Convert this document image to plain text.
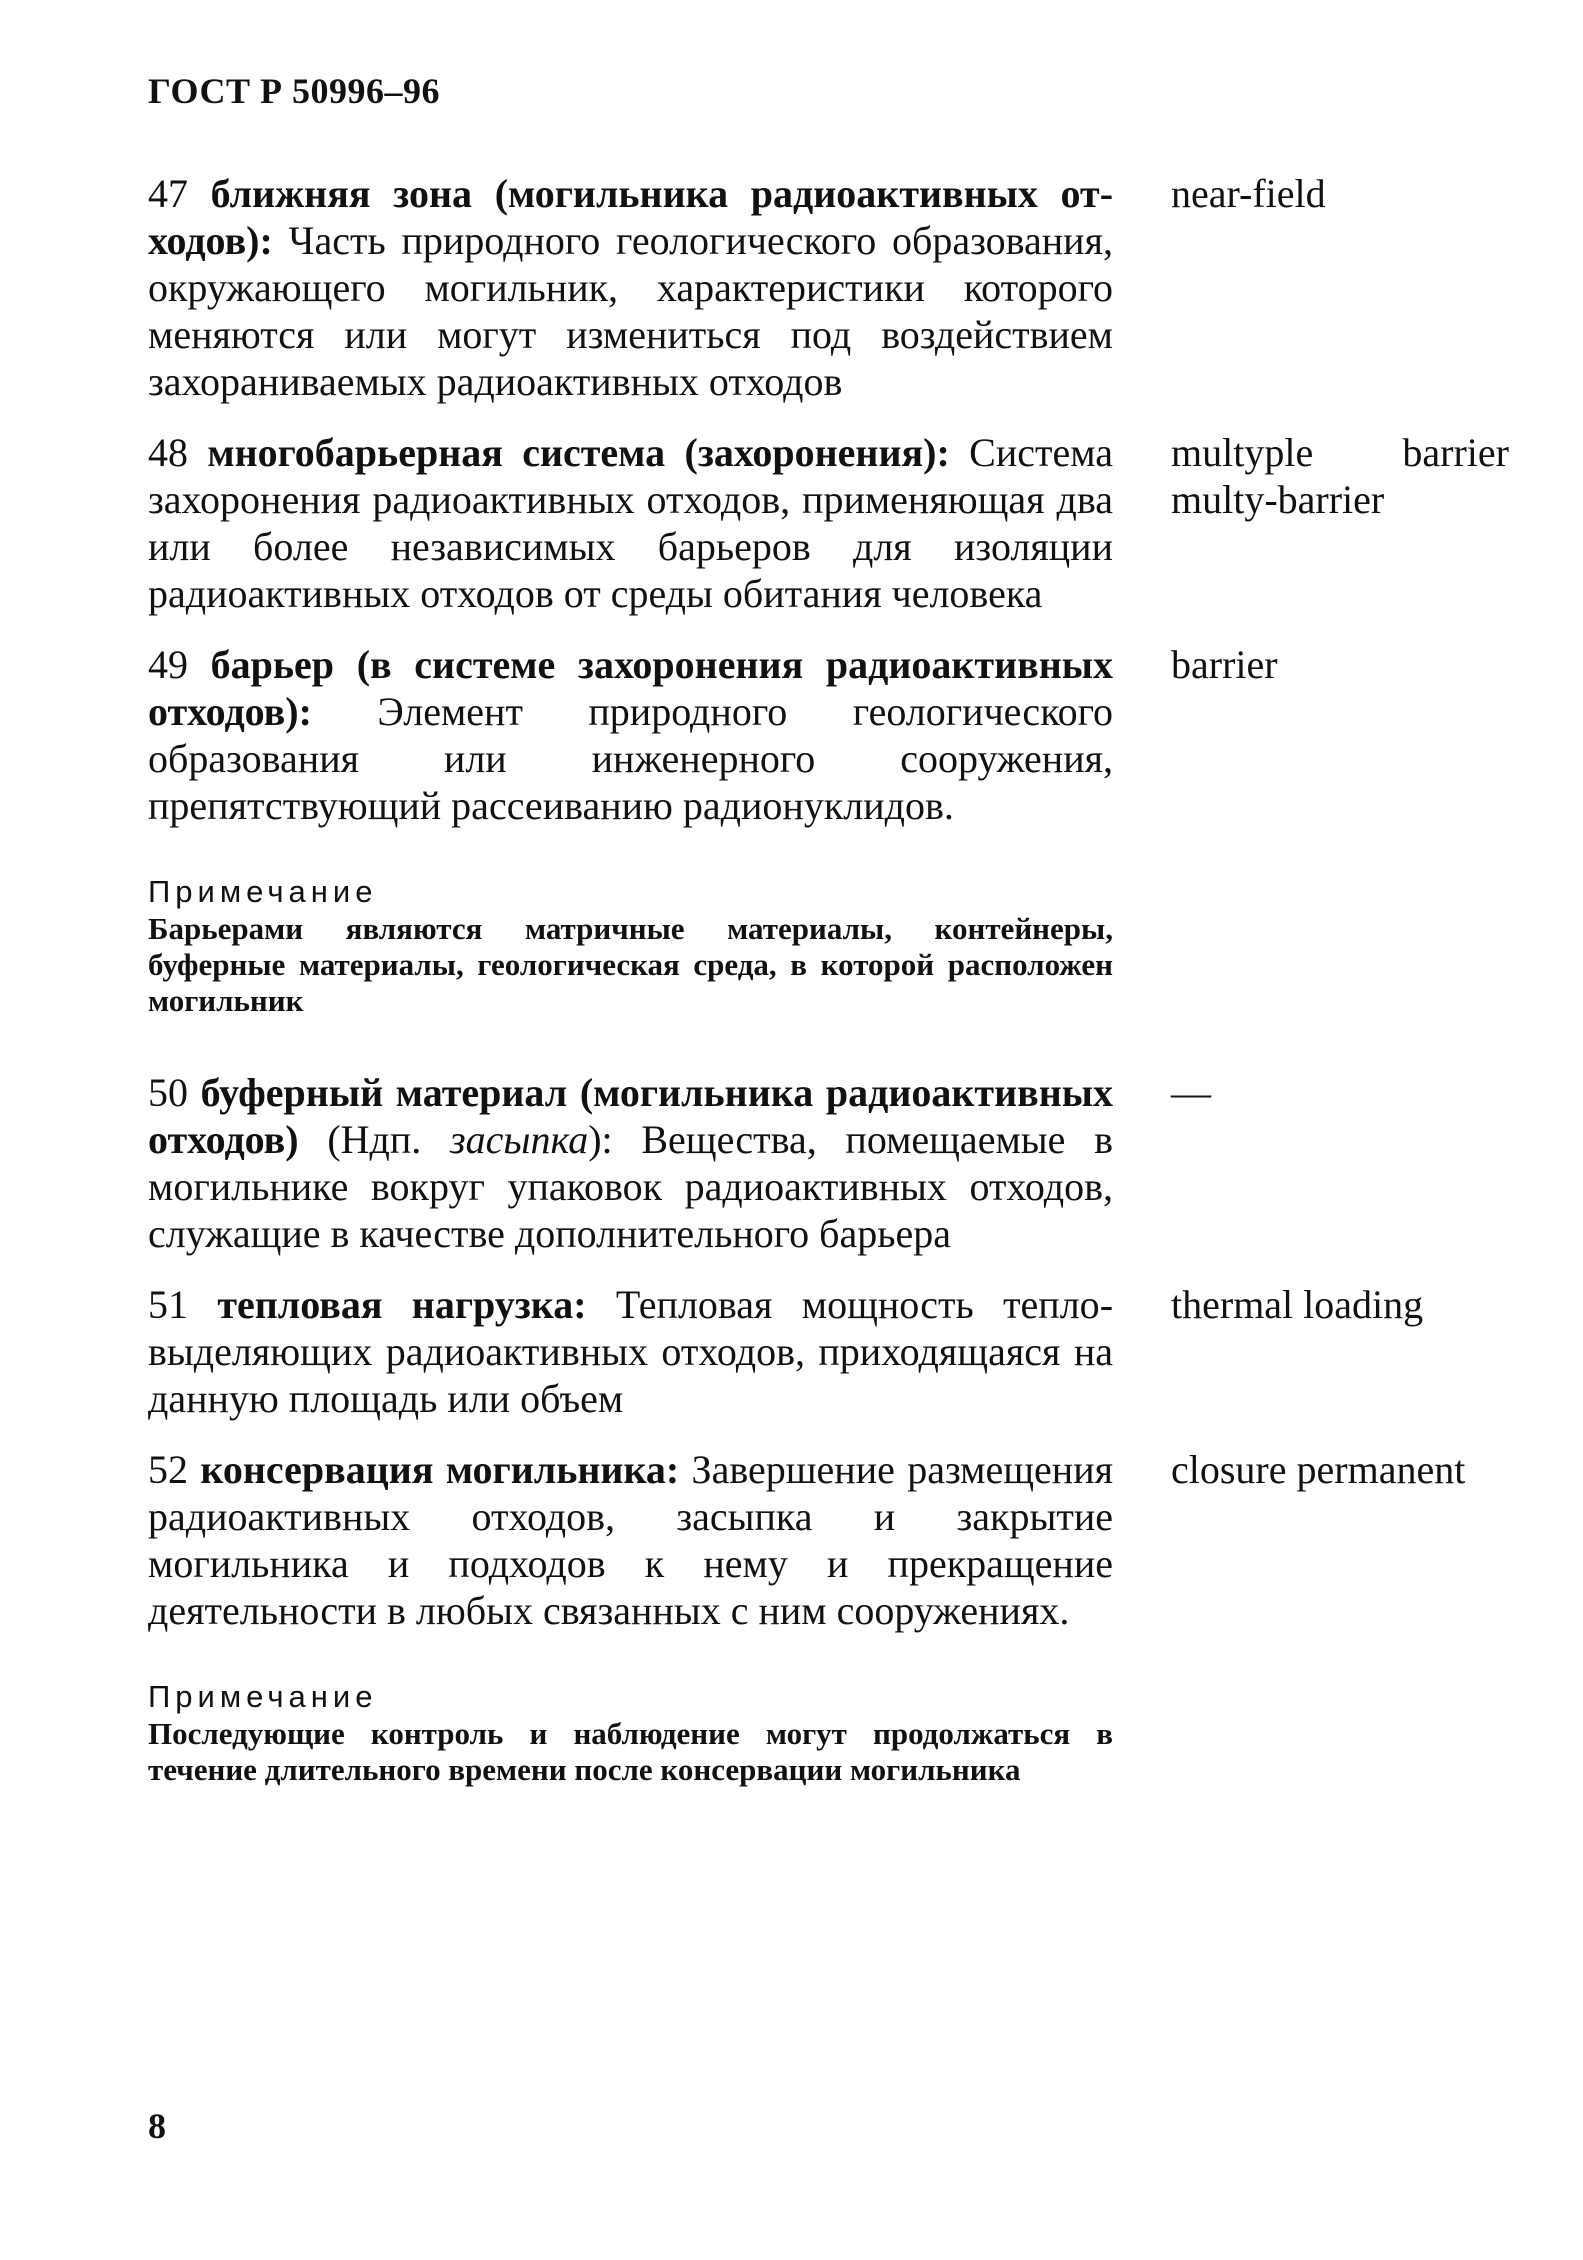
ГОСТ Р 50996–96
47 ближняя зона (могильника радиоактивных отходов): Часть природного геологического образования, окружающего могильник, характеристики которого меняются или могут измениться под воздействием захораниваемых радиоактивных отходов
near-field
48 многобарьерная система (захоронения): Система захоронения радиоактивных отходов, применяющая два или более независимых барьеров для изоляции радиоактивных отходов от среды обитания человека
multyple barrier
multy-barrier
49 барьер (в системе захоронения радиоактивных отходов): Элемент природного геологического образования или инженерного сооружения, препятствующий рассеиванию радионуклидов.
barrier
Примечание
Барьерами являются матричные материалы, контейнеры, буферные материалы, геологическая среда, в которой расположен могильник
50 буферный материал (могильника радиоактивных отходов) (Ндп. засыпка): Вещества, помещаемые в могильнике вокруг упаковок радиоактивных отходов, служащие в качестве дополнительного барьера
—
51 тепловая нагрузка: Тепловая мощность тепловыделяющих радиоактивных отходов, приходящаяся на данную площадь или объем
thermal loading
52 консервация могильника: Завершение размещения радиоактивных отходов, засыпка и закрытие могильника и подходов к нему и прекращение деятельности в любых связанных с ним сооружениях.
closure permanent
Примечание
Последующие контроль и наблюдение могут продолжаться в течение длительного времени после консервации могильника
8
